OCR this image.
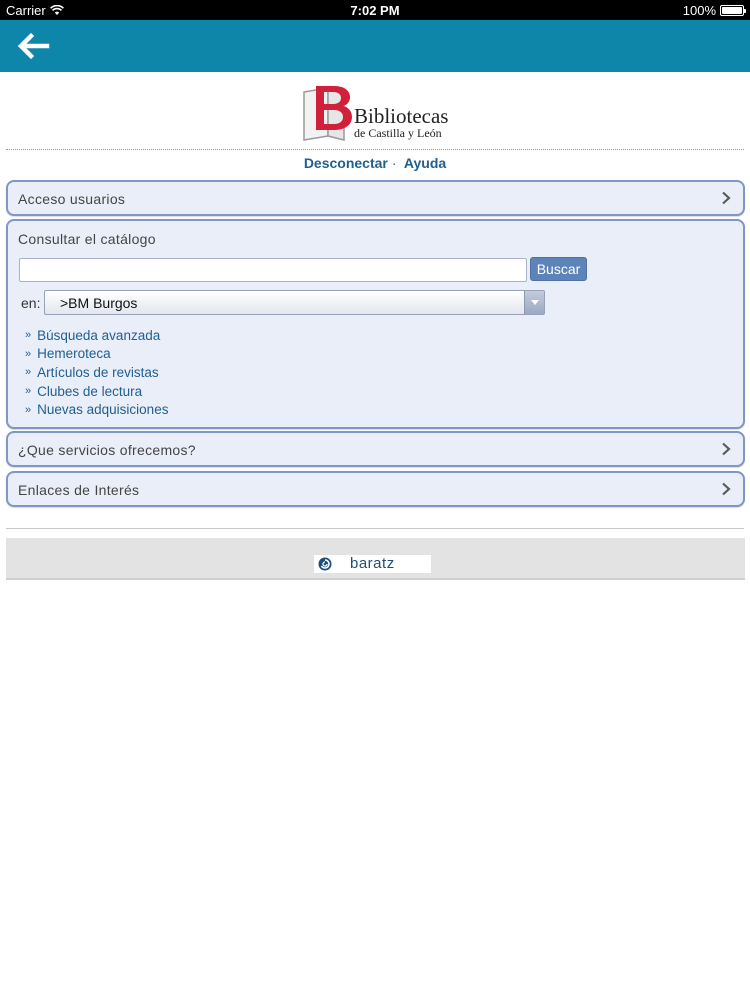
Carrier	7:02 PM	100%
Bibliotecas
de Castilla y León
Desconectar · Ayuda
Acceso usuarios
Consultar el catálogo
Buscar
en: >BM Burgos
» Búsqueda avanzada
» Hemeroteca
» Artículos de revistas
» Clubes de lectura
» Nuevas adquisiciones
¿Que servicios ofrecemos?
Enlaces de Interés
baratz
